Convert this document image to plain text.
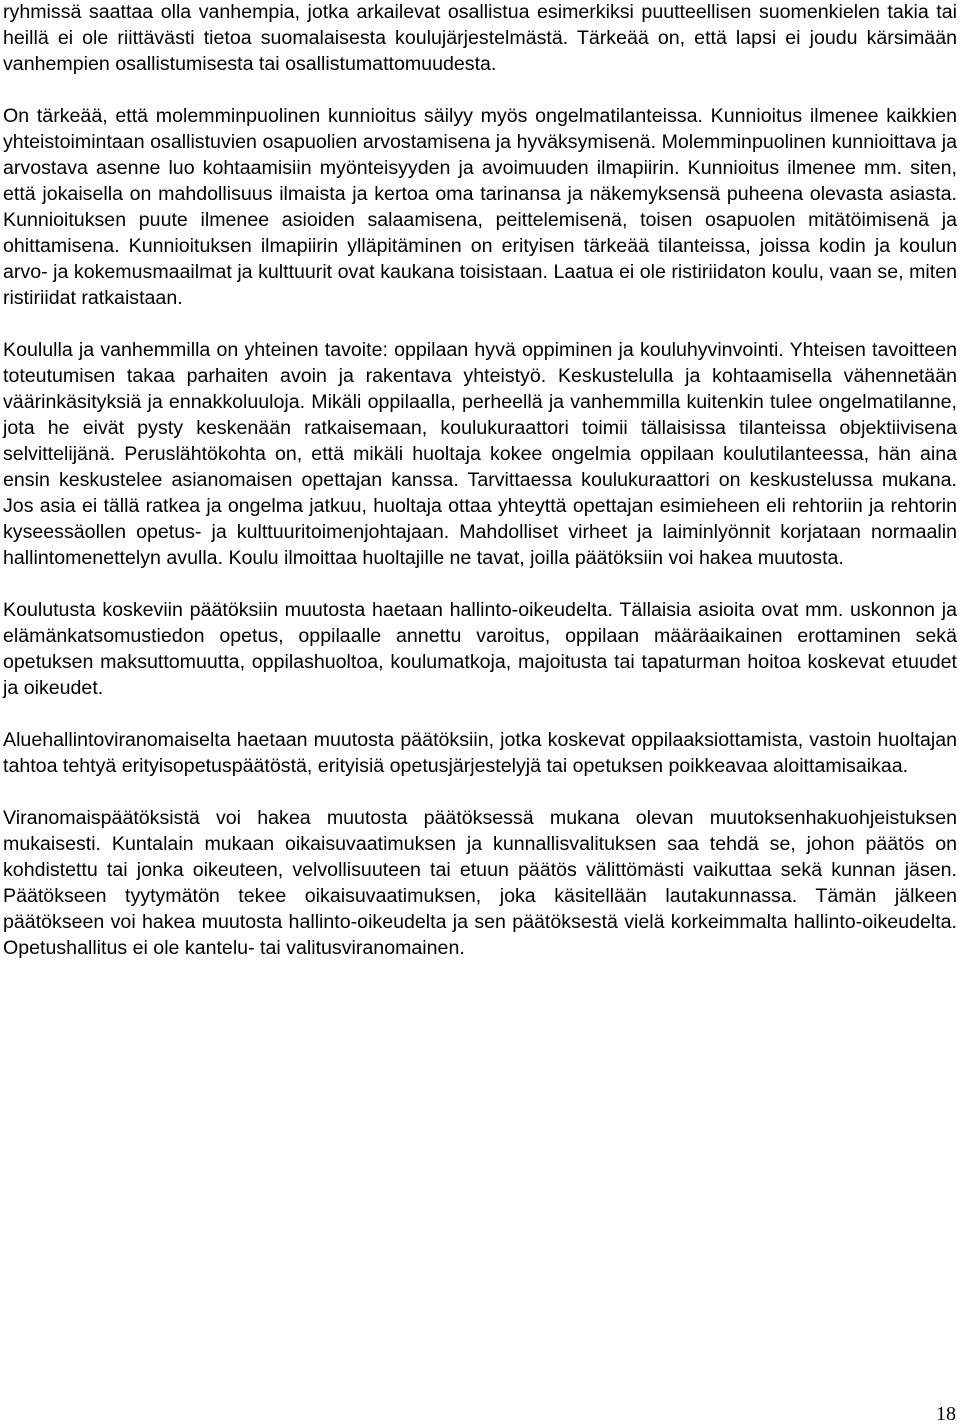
ryhmissä saattaa olla vanhempia, jotka arkailevat osallistua esimerkiksi puutteellisen suomenkielen takia tai heillä ei ole riittävästi tietoa suomalaisesta koulujärjestelmästä. Tärkeää on, että lapsi ei joudu kärsimään vanhempien osallistumisesta tai osallistumattomuudesta.

On tärkeää, että molemminpuolinen kunnioitus säilyy myös ongelmatilanteissa. Kunnioitus ilmenee kaikkien yhteistoimintaan osallistuvien osapuolien arvostamisena ja hyväksymisenä. Molemminpuolinen kunnioittava ja arvostava asenne luo kohtaamisiin myönteisyyden ja avoimuuden ilmapiirin. Kunnioitus ilmenee mm. siten, että jokaisella on mahdollisuus ilmaista ja kertoa oma tarinansa ja näkemyksensä puheena olevasta asiasta. Kunnioituksen puute ilmenee asioiden salaamisena, peittelemisenä, toisen osapuolen mitätöimisenä ja ohittamisena. Kunnioituksen ilmapiirin ylläpitäminen on erityisen tärkeää tilanteissa, joissa kodin ja koulun arvo- ja kokemusmaailmat ja kulttuurit ovat kaukana toisistaan. Laatua ei ole ristiriidaton koulu, vaan se, miten ristiriidat ratkaistaan.

Koululla ja vanhemmilla on yhteinen tavoite: oppilaan hyvä oppiminen ja kouluhyvinvointi. Yhteisen tavoitteen toteutumisen takaa parhaiten avoin ja rakentava yhteistyö. Keskustelulla ja kohtaamisella vähennetään väärinkäsityksiä ja ennakkoluuloja. Mikäli oppilaalla, perheellä ja vanhemmilla kuitenkin tulee ongelmatilanne, jota he eivät pysty keskenään ratkaisemaan, koulukuraattori toimii tällaisissa tilanteissa objektiivisena selvittelijänä. Peruslähtökohta on, että mikäli huoltaja kokee ongelmia oppilaan koulutilanteessa, hän aina ensin keskustelee asianomaisen opettajan kanssa. Tarvittaessa koulukuraattori on keskustelussa mukana. Jos asia ei tällä ratkea ja ongelma jatkuu, huoltaja ottaa yhteyttä opettajan esimieheen eli rehtoriin ja rehtorin kyseessäollen opetus- ja kulttuuritoimenjohtajaan. Mahdolliset virheet ja laiminlyönnit korjataan normaalin hallintomenettelyn avulla. Koulu ilmoittaa huoltajille ne tavat, joilla päätöksiin voi hakea muutosta.

Koulutusta koskeviin päätöksiin muutosta haetaan hallinto-oikeudelta. Tällaisia asioita ovat mm. uskonnon ja elämänkatsomustiedon opetus, oppilaalle annettu varoitus, oppilaan määräaikainen erottaminen sekä opetuksen maksuttomuutta, oppilashuoltoa, koulumatkoja, majoitusta tai tapaturman hoitoa koskevat etuudet ja oikeudet.

Aluehallintoviranomaiselta haetaan muutosta päätöksiin, jotka koskevat oppilaaksiottamista, vastoin huoltajan tahtoa tehtyä erityisopetuspäätöstä, erityisiä opetusjärjestelyjä tai opetuksen poikkeavaa aloittamisaikaa.

Viranomaispäätöksistä voi hakea muutosta päätöksessä mukana olevan muutoksenhakuohjeistuksen mukaisesti. Kuntalain mukaan oikaisuvaatimuksen ja kunnallisvalituksen saa tehdä se, johon päätös on kohdistettu tai jonka oikeuteen, velvollisuuteen tai etuun päätös välittömästi vaikuttaa sekä kunnan jäsen. Päätökseen tyytymätön tekee oikaisuvaatimuksen, joka käsitellään lautakunnassa. Tämän jälkeen päätökseen voi hakea muutosta hallinto-oikeudelta ja sen päätöksestä vielä korkeimmalta hallinto-oikeudelta. Opetushallitus ei ole kantelu- tai valitusviranomainen.

18
